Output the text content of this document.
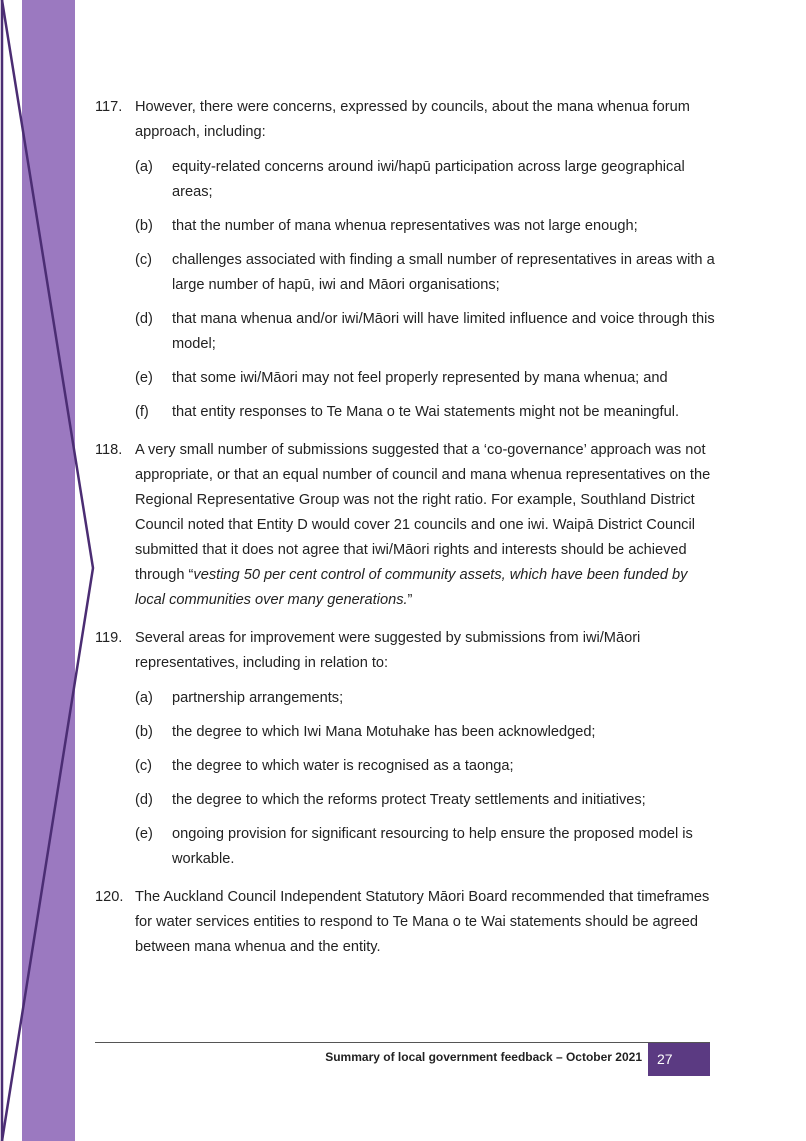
117. However, there were concerns, expressed by councils, about the mana whenua forum approach, including:
(a) equity-related concerns around iwi/hapū participation across large geographical areas;
(b) that the number of mana whenua representatives was not large enough;
(c) challenges associated with finding a small number of representatives in areas with a large number of hapū, iwi and Māori organisations;
(d) that mana whenua and/or iwi/Māori will have limited influence and voice through this model;
(e) that some iwi/Māori may not feel properly represented by mana whenua; and
(f) that entity responses to Te Mana o te Wai statements might not be meaningful.
118. A very small number of submissions suggested that a ‘co-governance’ approach was not appropriate, or that an equal number of council and mana whenua representatives on the Regional Representative Group was not the right ratio. For example, Southland District Council noted that Entity D would cover 21 councils and one iwi. Waipā District Council submitted that it does not agree that iwi/Māori rights and interests should be achieved through “vesting 50 per cent control of community assets, which have been funded by local communities over many generations.”
119. Several areas for improvement were suggested by submissions from iwi/Māori representatives, including in relation to:
(a) partnership arrangements;
(b) the degree to which Iwi Mana Motuhake has been acknowledged;
(c) the degree to which water is recognised as a taonga;
(d) the degree to which the reforms protect Treaty settlements and initiatives;
(e) ongoing provision for significant resourcing to help ensure the proposed model is workable.
120. The Auckland Council Independent Statutory Māori Board recommended that timeframes for water services entities to respond to Te Mana o te Wai statements should be agreed between mana whenua and the entity.
Summary of local government feedback – October 2021	27
